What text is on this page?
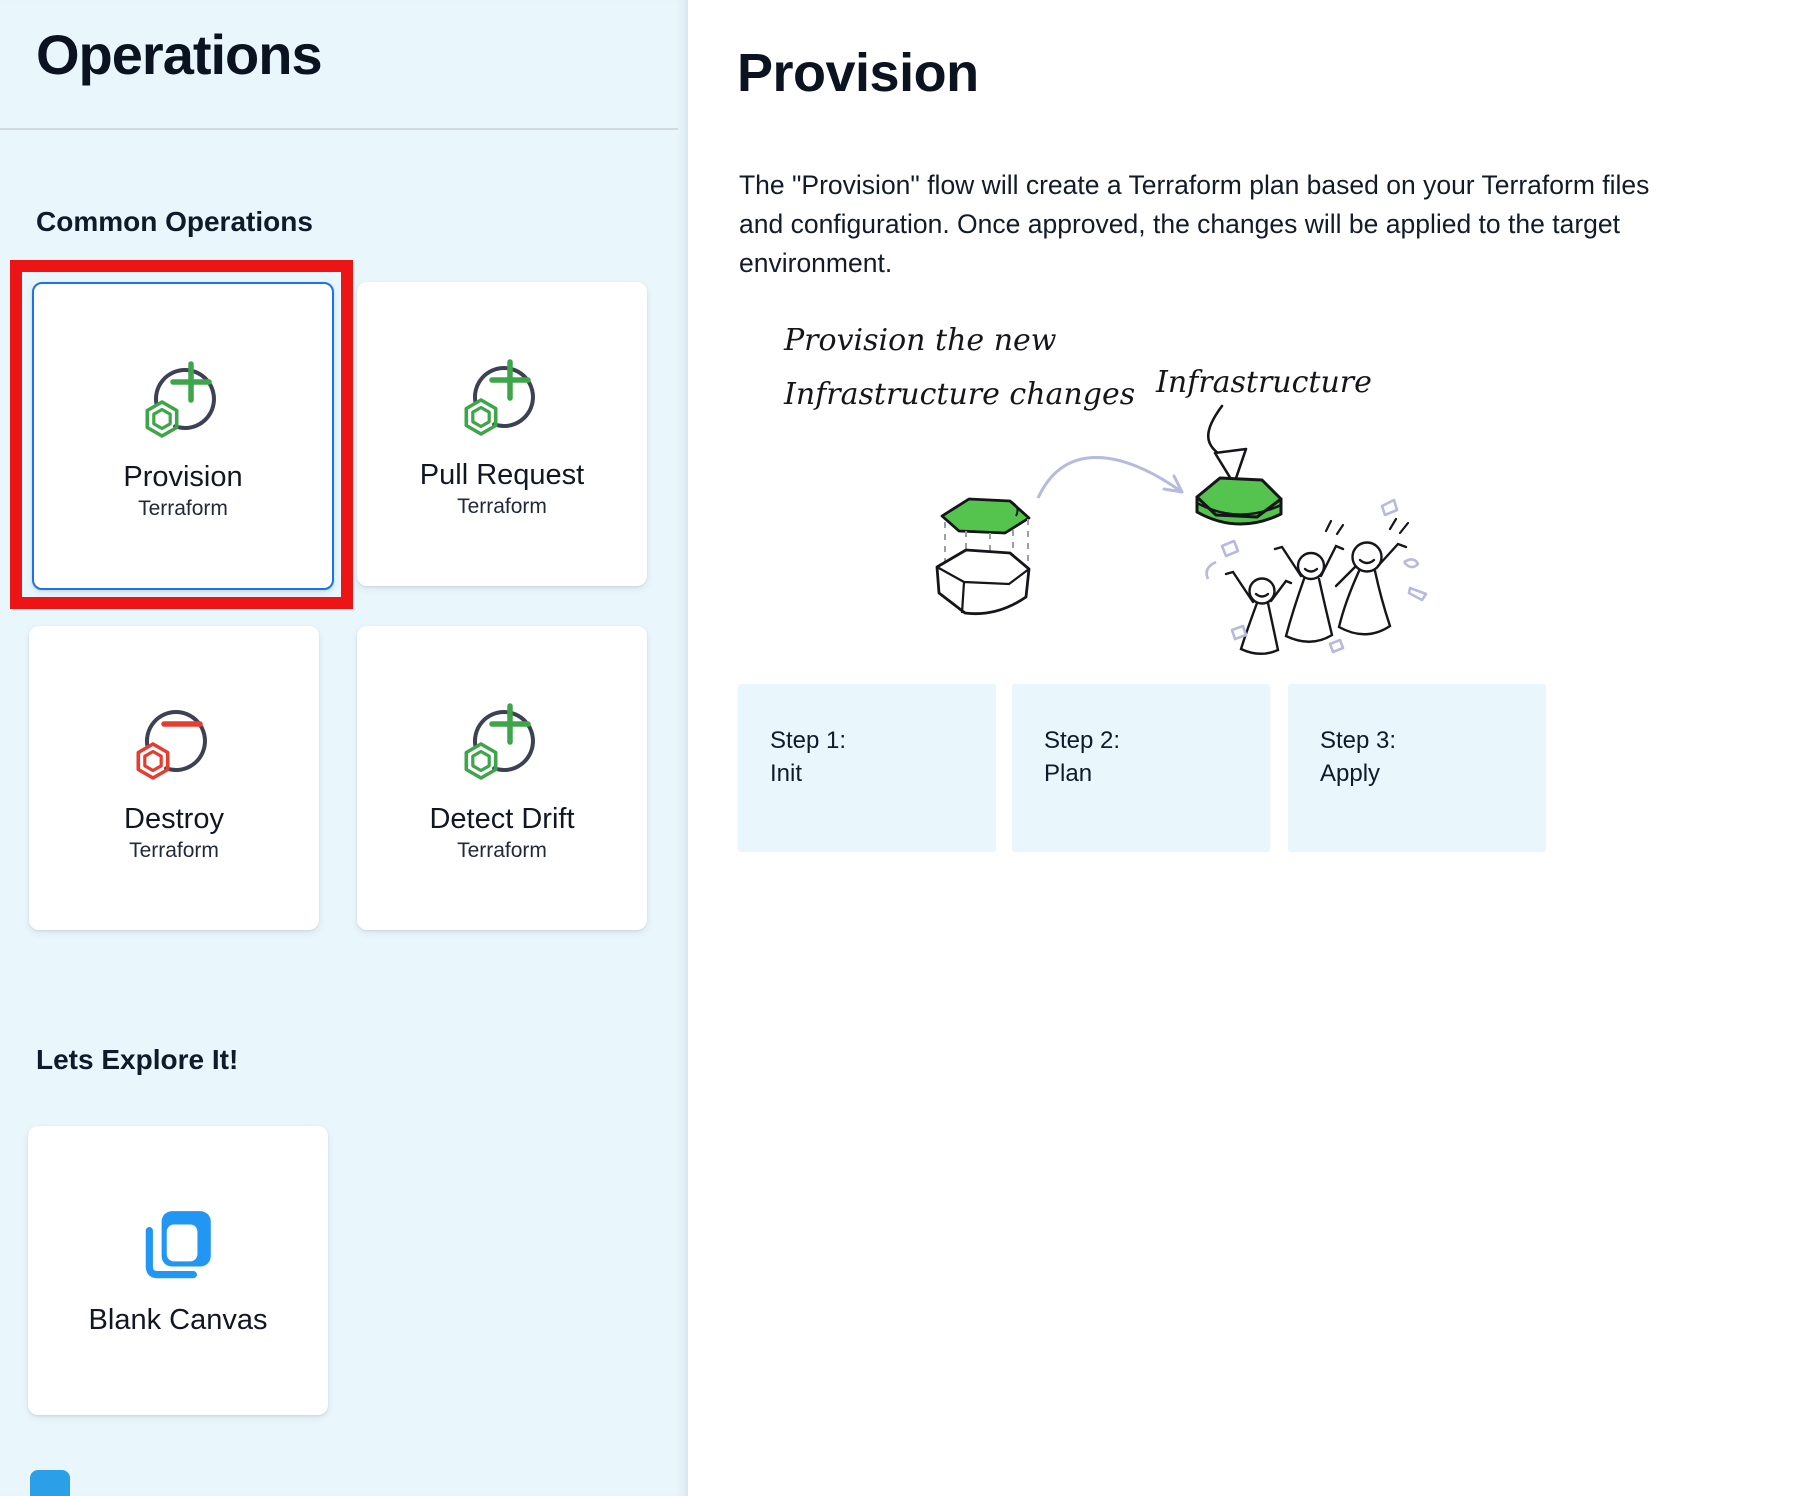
Operations
Common Operations
Provision
Terraform
Pull Request
Terraform
Destroy
Terraform
Detect Drift
Terraform
Lets Explore It!
Blank Canvas
Provision
The "Provision" flow will create a Terraform plan based on your Terraform files
and configuration. Once approved, the changes will be applied to the target
environment.
Provision the new
Infrastructure changes Infrastructure
Step 1:
Init
Step 2:
Plan
Step 3:
Apply
